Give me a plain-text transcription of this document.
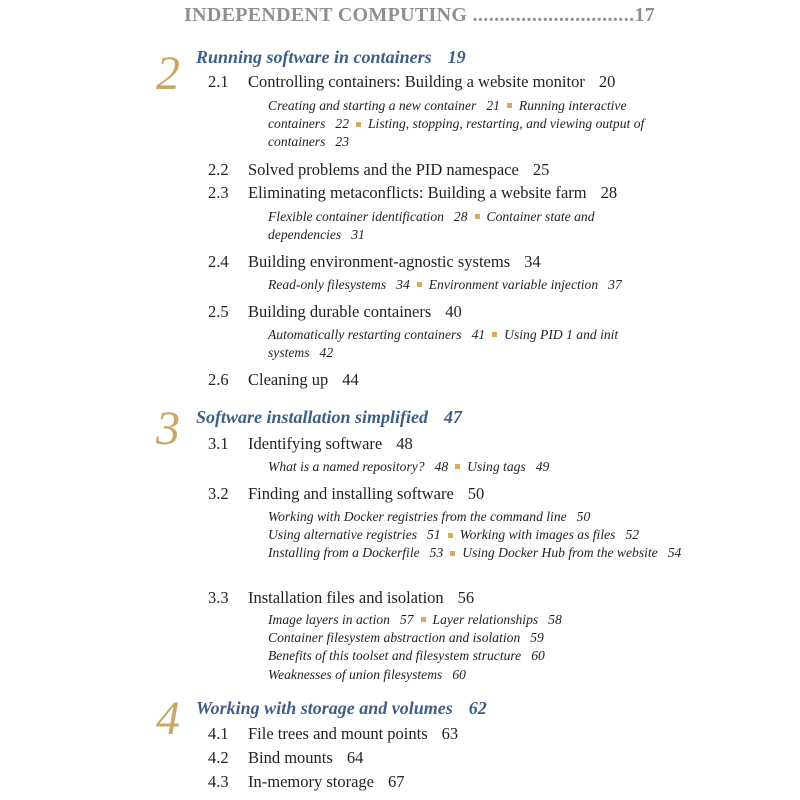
INDEPENDENT COMPUTING ..............................17
2 Running software in containers 19
2.1 Controlling containers: Building a website monitor 20
Creating and starting a new container 21 Running interactive containers 22 Listing, stopping, restarting, and viewing output of containers 23
2.2 Solved problems and the PID namespace 25
2.3 Eliminating metaconflicts: Building a website farm 28
Flexible container identification 28 Container state and dependencies 31
2.4 Building environment-agnostic systems 34
Read-only filesystems 34 Environment variable injection 37
2.5 Building durable containers 40
Automatically restarting containers 41 Using PID 1 and init systems 42
2.6 Cleaning up 44
3 Software installation simplified 47
3.1 Identifying software 48
What is a named repository? 48 Using tags 49
3.2 Finding and installing software 50
Working with Docker registries from the command line 50
Using alternative registries 51 Working with images as files 52
Installing from a Dockerfile 53 Using Docker Hub from the website 54
3.3 Installation files and isolation 56
Image layers in action 57 Layer relationships 58
Container filesystem abstraction and isolation 59
Benefits of this toolset and filesystem structure 60
Weaknesses of union filesystems 60
4 Working with storage and volumes 62
4.1 File trees and mount points 63
4.2 Bind mounts 64
4.3 In-memory storage 67
